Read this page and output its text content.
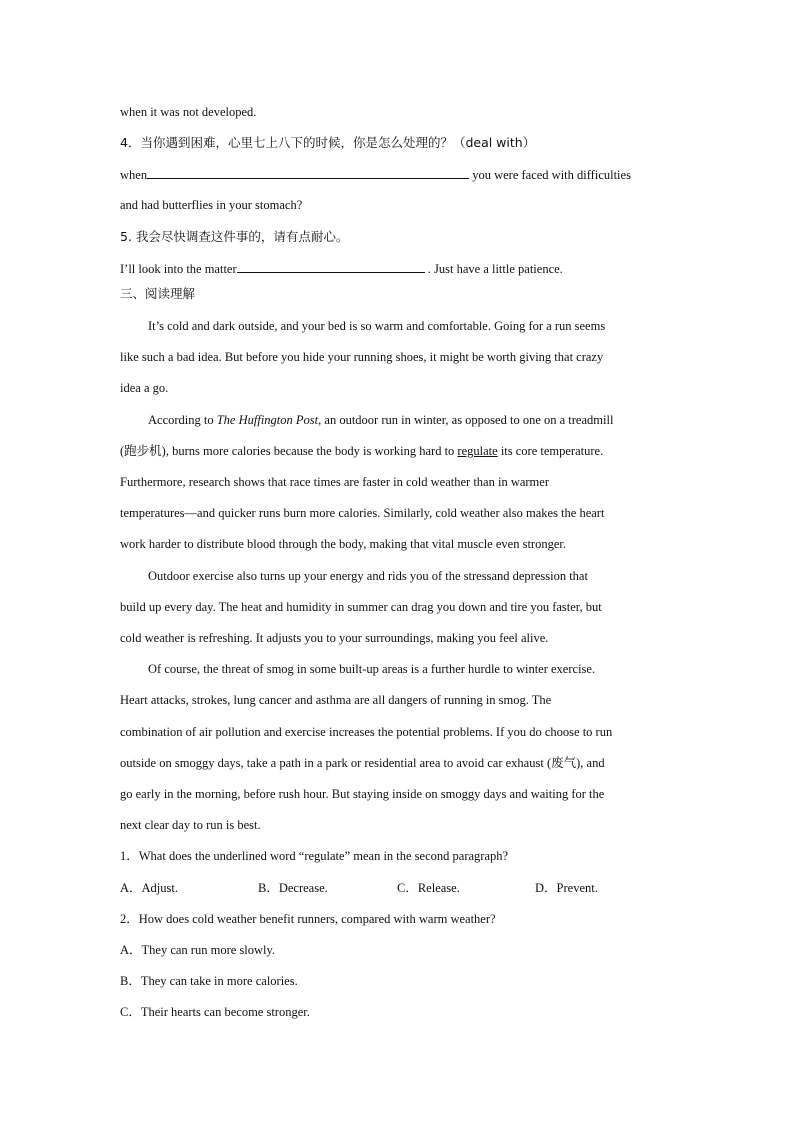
when it was not developed.
4．当你遇到困难，心里七上八下的时候，你是怎么处理的？（deal with）
when	you were faced with difficulties
and had butterflies in your stomach?
5. 我会尽快调查这件事的，请有点耐心。
I’ll look into the matter	. Just have a little patience.
三、阅读理解
It’s cold and dark outside, and your bed is so warm and comfortable. Going for a run seems
like such a bad idea. But before you hide your running shoes, it might be worth giving that crazy
idea a go.
According to The Huffington Post, an outdoor run in winter, as opposed to one on a treadmill
(跑步机), burns more calories because the body is working hard to regulate its core temperature.
Furthermore, research shows that race times are faster in cold weather than in warmer
temperatures—and quicker runs burn more calories. Similarly, cold weather also makes the heart
work harder to distribute blood through the body, making that vital muscle even stronger.
Outdoor exercise also turns up your energy and rids you of the stressand depression that
build up every day. The heat and humidity in summer can drag you down and tire you faster, but
cold weather is refreshing. It adjusts you to your surroundings, making you feel alive.
Of course, the threat of smog in some built-up areas is a further hurdle to winter exercise.
Heart attacks, strokes, lung cancer and asthma are all dangers of running in smog. The
combination of air pollution and exercise increases the potential problems. If you do choose to run
outside on smoggy days, take a path in a park or residential area to avoid car exhaust (废气), and
go early in the morning, before rush hour. But staying inside on smoggy days and waiting for the
next clear day to run is best.
1．What does the underlined word “regulate” mean in the second paragraph?
A．Adjust.	B．Decrease.	C．Release.	D．Prevent.
2．How does cold weather benefit runners, compared with warm weather?
A．They can run more slowly.
B．They can take in more calories.
C．Their hearts can become stronger.
